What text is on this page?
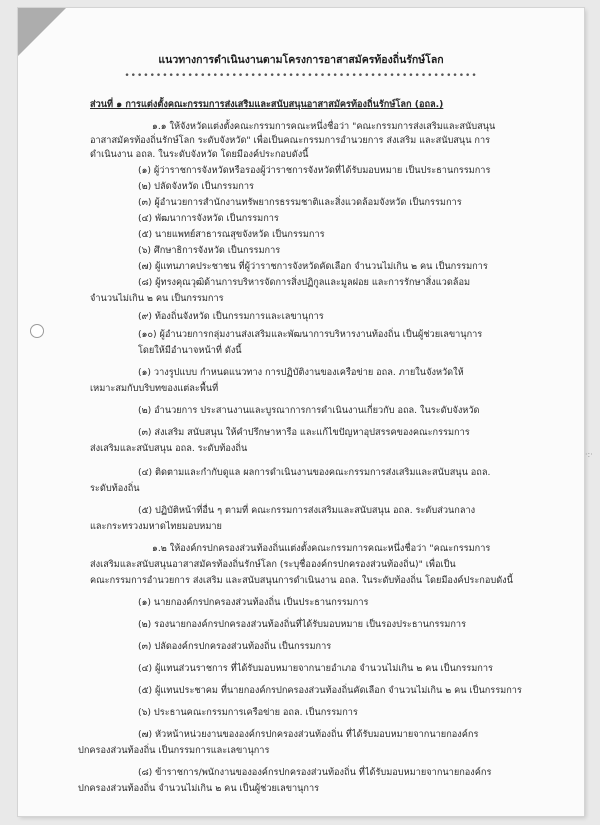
·:·
แนวทางการดำเนินงานตามโครงการอาสาสมัครท้องถิ่นรักษ์โลก
••••••••••••••••••••••••••••••••••••••••••••••••••••••••
ส่วนที่ ๑ การแต่งตั้งคณะกรรมการส่งเสริมและสนับสนุนอาสาสมัครท้องถิ่นรักษ์โลก (อถล.)
๑.๑ ให้จังหวัดแต่งตั้งคณะกรรมการคณะหนึ่งชื่อว่า "คณะกรรมการส่งเสริมและสนับสนุน
อาสาสมัครท้องถิ่นรักษ์โลก ระดับจังหวัด" เพื่อเป็นคณะกรรมการอำนวยการ ส่งเสริม และสนับสนุน การ
ดำเนินงาน อถล. ในระดับจังหวัด โดยมีองค์ประกอบดังนี้
(๑) ผู้ว่าราชการจังหวัดหรือรองผู้ว่าราชการจังหวัดที่ได้รับมอบหมาย เป็นประธานกรรมการ
(๒) ปลัดจังหวัด เป็นกรรมการ
(๓) ผู้อำนวยการสำนักงานทรัพยากรธรรมชาติและสิ่งแวดล้อมจังหวัด เป็นกรรมการ
(๔) พัฒนาการจังหวัด เป็นกรรมการ
(๕) นายแพทย์สาธารณสุขจังหวัด เป็นกรรมการ
(๖) ศึกษาธิการจังหวัด เป็นกรรมการ
(๗) ผู้แทนภาคประชาชน ที่ผู้ว่าราชการจังหวัดคัดเลือก จำนวนไม่เกิน ๒ คน เป็นกรรมการ
(๘) ผู้ทรงคุณวุฒิด้านการบริหารจัดการสิ่งปฏิกูลและมูลฝอย และการรักษาสิ่งแวดล้อม
จำนวนไม่เกิน ๒ คน เป็นกรรมการ
(๙) ท้องถิ่นจังหวัด เป็นกรรมการและเลขานุการ
(๑๐) ผู้อำนวยการกลุ่มงานส่งเสริมและพัฒนาการบริหารงานท้องถิ่น เป็นผู้ช่วยเลขานุการ
โดยให้มีอำนาจหน้าที่ ดังนี้
(๑) วางรูปแบบ กำหนดแนวทาง การปฏิบัติงานของเครือข่าย อถล. ภายในจังหวัดให้
เหมาะสมกับบริบทของแต่ละพื้นที่
(๒) อำนวยการ ประสานงานและบูรณาการการดำเนินงานเกี่ยวกับ อถล. ในระดับจังหวัด
(๓) ส่งเสริม สนับสนุน ให้คำปรึกษาหารือ และแก้ไขปัญหาอุปสรรคของคณะกรรมการ
ส่งเสริมและสนับสนุน อถล. ระดับท้องถิ่น
(๔) ติดตามและกำกับดูแล ผลการดำเนินงานของคณะกรรมการส่งเสริมและสนับสนุน อถล.
ระดับท้องถิ่น
(๕) ปฏิบัติหน้าที่อื่น ๆ ตามที่ คณะกรรมการส่งเสริมและสนับสนุน อถล. ระดับส่วนกลาง
และกระทรวงมหาดไทยมอบหมาย
๑.๒ ให้องค์กรปกครองส่วนท้องถิ่นแต่งตั้งคณะกรรมการคณะหนึ่งชื่อว่า "คณะกรรมการ
ส่งเสริมและสนับสนุนอาสาสมัครท้องถิ่นรักษ์โลก (ระบุชื่อองค์กรปกครองส่วนท้องถิ่น)" เพื่อเป็น
คณะกรรมการอำนวยการ ส่งเสริม และสนับสนุนการดำเนินงาน อถล. ในระดับท้องถิ่น โดยมีองค์ประกอบดังนี้
(๑) นายกองค์กรปกครองส่วนท้องถิ่น เป็นประธานกรรมการ
(๒) รองนายกองค์กรปกครองส่วนท้องถิ่นที่ได้รับมอบหมาย เป็นรองประธานกรรมการ
(๓) ปลัดองค์กรปกครองส่วนท้องถิ่น เป็นกรรมการ
(๔) ผู้แทนส่วนราชการ ที่ได้รับมอบหมายจากนายอำเภอ จำนวนไม่เกิน ๒ คน เป็นกรรมการ
(๕) ผู้แทนประชาคม ที่นายกองค์กรปกครองส่วนท้องถิ่นคัดเลือก จำนวนไม่เกิน ๒ คน เป็นกรรมการ
(๖) ประธานคณะกรรมการเครือข่าย อถล. เป็นกรรมการ
(๗) หัวหน้าหน่วยงานขององค์กรปกครองส่วนท้องถิ่น ที่ได้รับมอบหมายจากนายกองค์กร
ปกครองส่วนท้องถิ่น เป็นกรรมการและเลขานุการ
(๘) ข้าราชการ/พนักงานขององค์กรปกครองส่วนท้องถิ่น ที่ได้รับมอบหมายจากนายกองค์กร
ปกครองส่วนท้องถิ่น จำนวนไม่เกิน ๒ คน เป็นผู้ช่วยเลขานุการ
